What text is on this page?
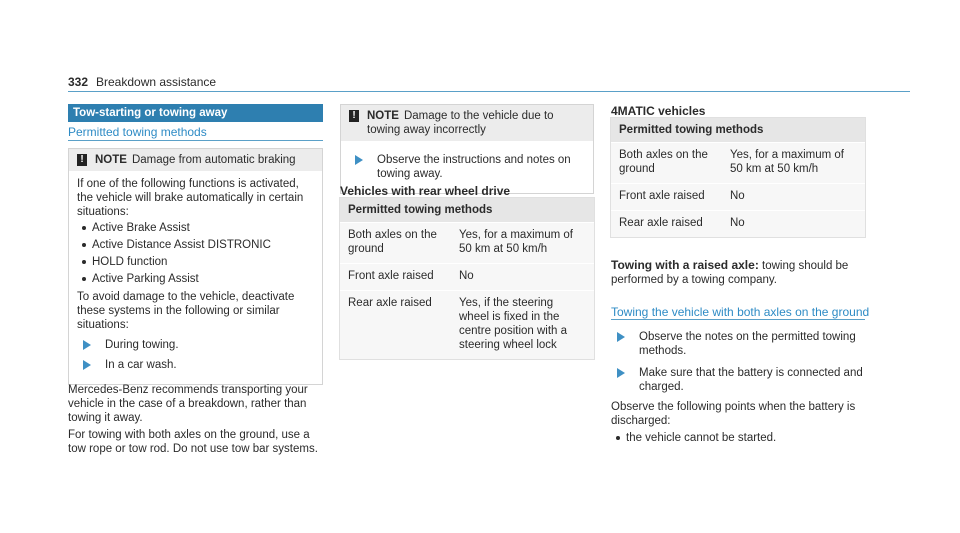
332 Breakdown assistance
Tow-starting or towing away
Permitted towing methods
! NOTE Damage from automatic braking

If one of the following functions is activated, the vehicle will brake automatically in certain situations:

Active Brake Assist
Active Distance Assist DISTRONIC
HOLD function
Active Parking Assist

To avoid damage to the vehicle, deactivate these systems in the following or similar situations:

During towing.
In a car wash.

Mercedes-Benz recommends transporting your vehicle in the case of a breakdown, rather than towing it away.

For towing with both axles on the ground, use a tow rope or tow rod. Do not use tow bar systems.

! NOTE Damage to the vehicle due to towing away incorrectly
Observe the instructions and notes on towing away.
Vehicles with rear wheel drive
Permitted towing methods	
Both axles on the ground	Yes, for a maximum of 50 km at 50 km/h
Front axle raised	No
Rear axle raised	Yes, if the steering wheel is fixed in the centre position with a steering wheel lock
4MATIC vehicles
Permitted towing methods	
Both axles on the ground	Yes, for a maximum of 50 km at 50 km/h
Front axle raised	No
Rear axle raised	No
Towing with a raised axle: towing should be performed by a towing company.
Towing the vehicle with both axles on the ground
Observe the notes on the permitted towing methods.
Make sure that the battery is connected and charged.

Observe the following points when the battery is discharged:

the vehicle cannot be started.
